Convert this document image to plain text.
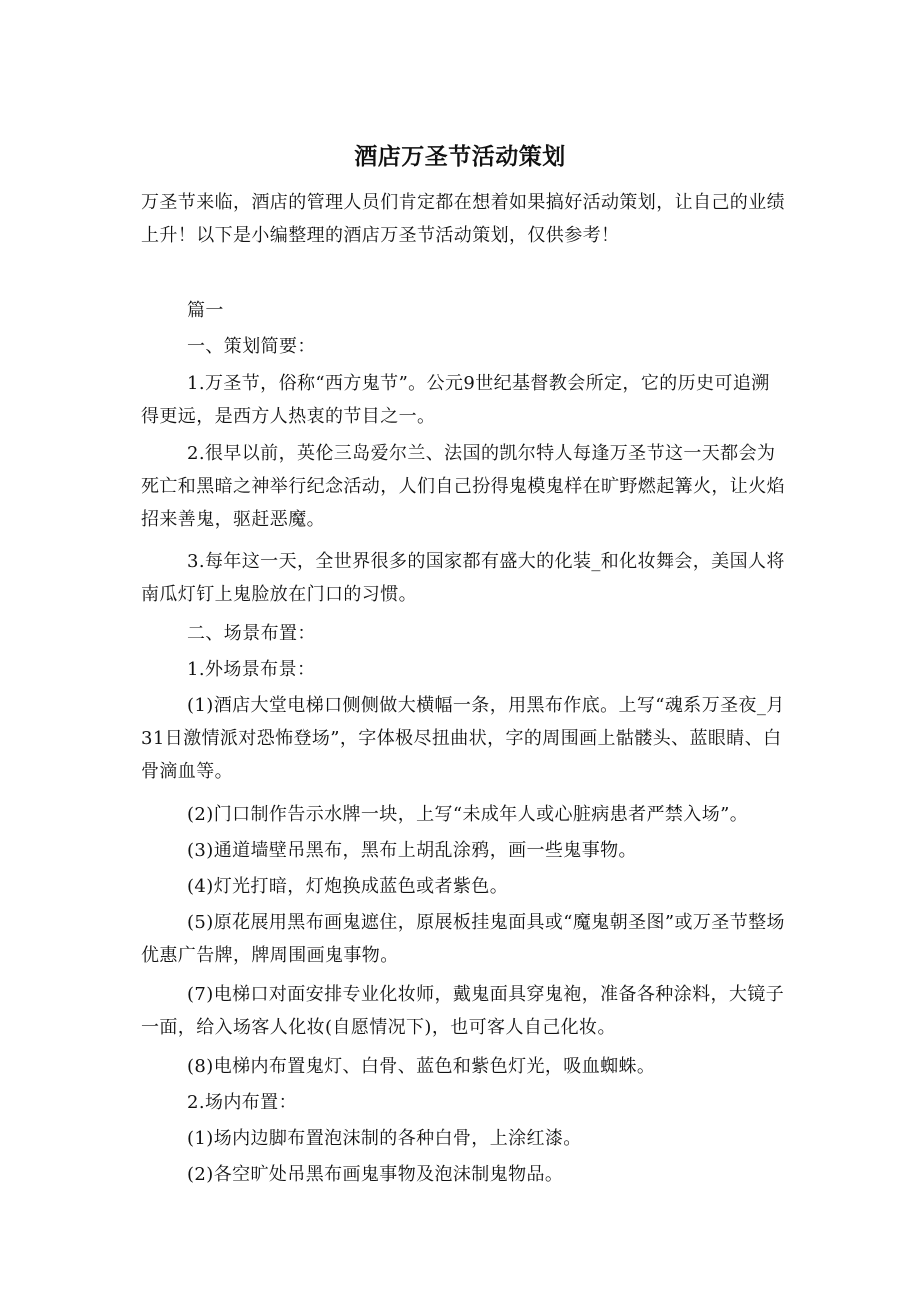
酒店万圣节活动策划
万圣节来临，酒店的管理人员们肯定都在想着如果搞好活动策划，让自己的业绩上升！以下是小编整理的酒店万圣节活动策划，仅供参考！
篇一
一、策划简要：
1.万圣节，俗称“西方鬼节”。公元9世纪基督教会所定，它的历史可追溯得更远，是西方人热衷的节目之一。
2.很早以前，英伦三岛爱尔兰、法国的凯尔特人每逢万圣节这一天都会为死亡和黑暗之神举行纪念活动，人们自己扮得鬼模鬼样在旷野燃起篝火，让火焰招来善鬼，驱赶恶魔。
3.每年这一天，全世界很多的国家都有盛大的化装_和化妆舞会，美国人将南瓜灯钉上鬼脸放在门口的习惯。
二、场景布置：
1.外场景布景：
(1)酒店大堂电梯口侧侧做大横幅一条，用黑布作底。上写“魂系万圣夜_月31日激情派对恐怖登场”，字体极尽扭曲状，字的周围画上骷髅头、蓝眼睛、白骨滴血等。
(2)门口制作告示水牌一块，上写“未成年人或心脏病患者严禁入场”。
(3)通道墙壁吊黑布，黑布上胡乱涂鸦，画一些鬼事物。
(4)灯光打暗，灯炮换成蓝色或者紫色。
(5)原花展用黑布画鬼遮住，原展板挂鬼面具或“魔鬼朝圣图”或万圣节整场优惠广告牌，牌周围画鬼事物。
(7)电梯口对面安排专业化妆师，戴鬼面具穿鬼袍，准备各种涂料，大镜子一面，给入场客人化妆(自愿情况下)，也可客人自己化妆。
(8)电梯内布置鬼灯、白骨、蓝色和紫色灯光，吸血蜘蛛。
2.场内布置：
(1)场内边脚布置泡沫制的各种白骨，上涂红漆。
(2)各空旷处吊黑布画鬼事物及泡沫制鬼物品。
